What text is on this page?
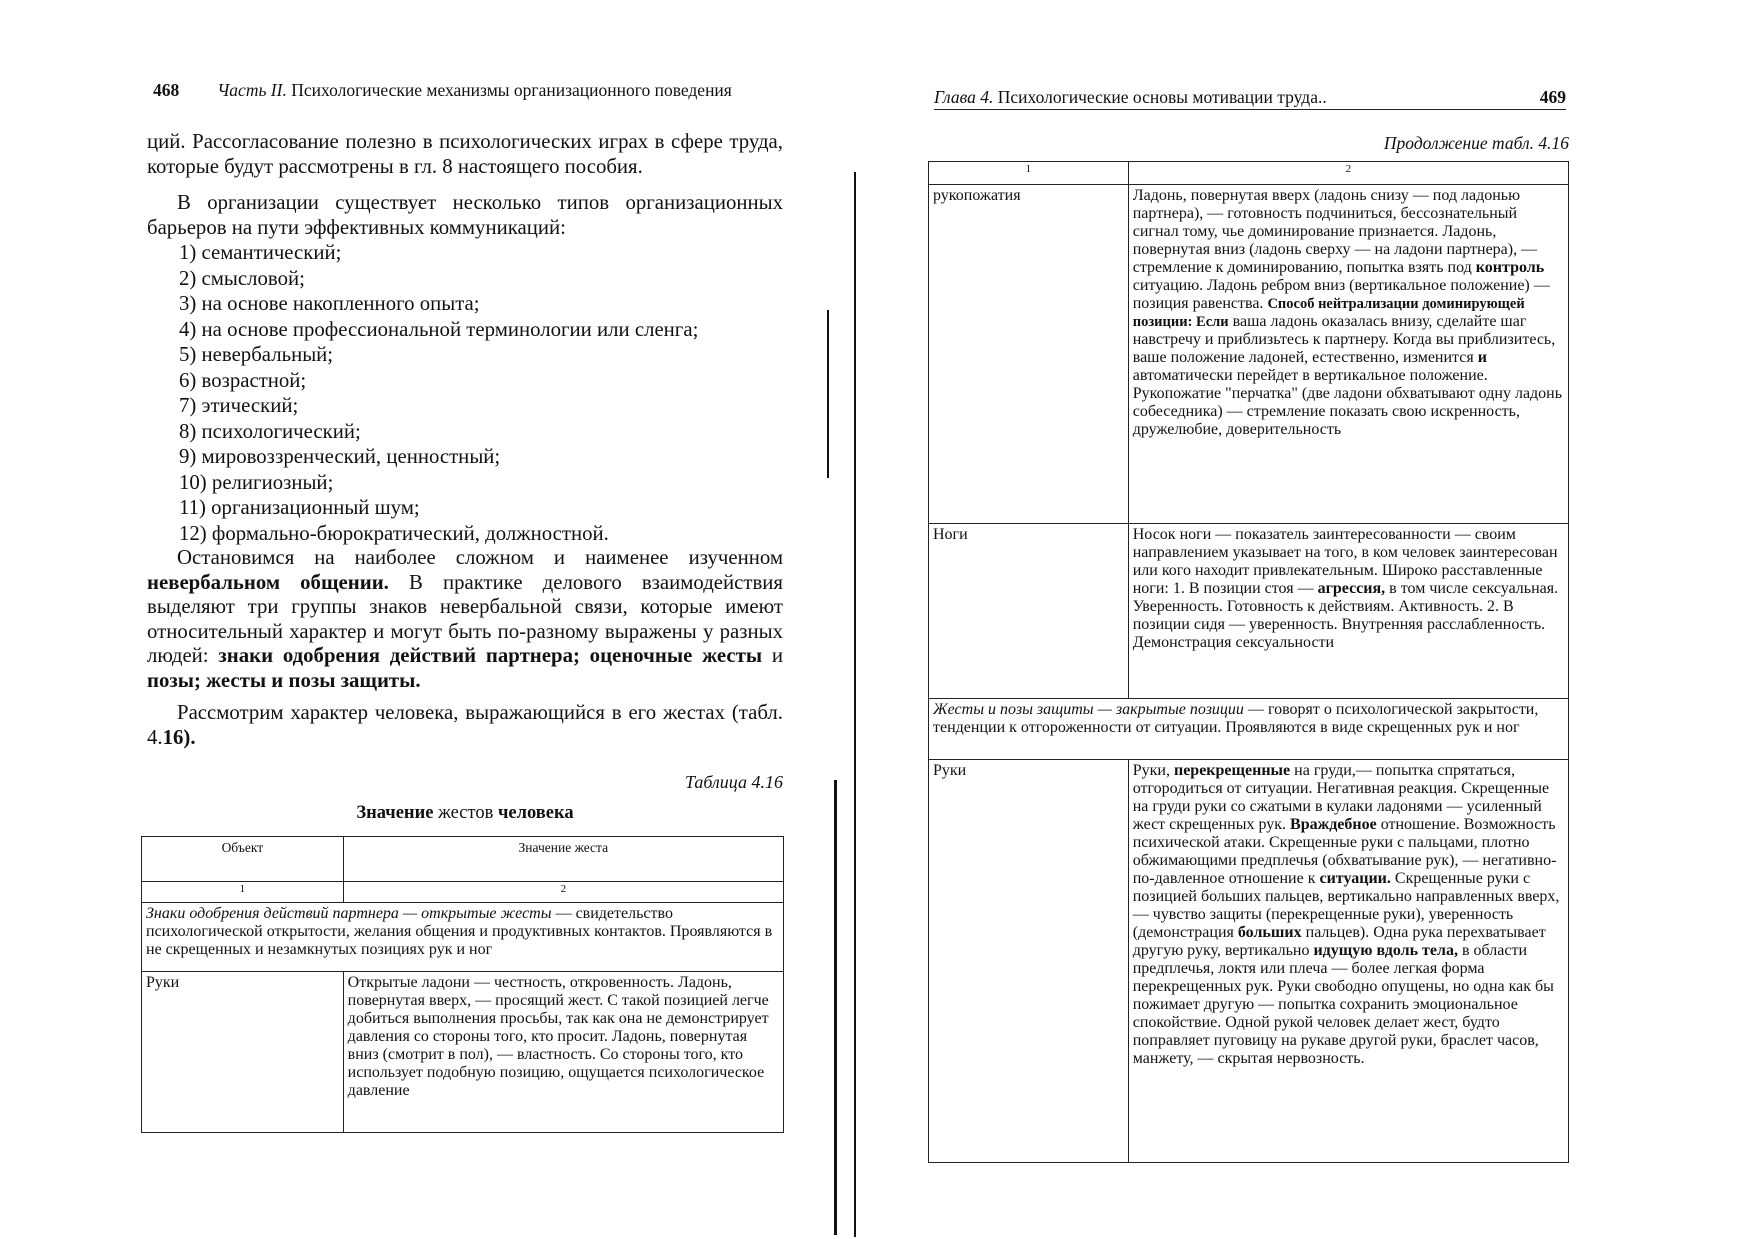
468 Часть II. Психологические механизмы организационного поведения

ций. Рассогласование полезно в психологических играх в сфере труда, которые будут рассмотрены в гл. 8 настоящего пособия.

В организации существует несколько типов организационных барьеров на пути эффективных коммуникаций:

1) семантический;
2) смысловой;
3) на основе накопленного опыта;
4) на основе профессиональной терминологии или сленга;
5) невербальный;
6) возрастной;
7) этический;
8) психологический;
9) мировоззренческий, ценностный;
10) религиозный;
11) организационный шум;
12) формально-бюрократический, должностной.

Остановимся на наиболее сложном и наименее изученном невербальном общении. В практике делового взаимодействия выделяют три группы знаков невербальной связи, которые имеют относительный характер и могут быть по-разному выражены у разных людей: знаки одобрения действий партнера; оценочные жесты и позы; жесты и позы защиты.

Рассмотрим характер человека, выражающийся в его жестах (табл. 4.16).

Таблица 4.16
Значение жестов человека
Объект	Значение жеста
1	2
Знаки одобрения действий партнера — открытые жесты — свидетельство психологической открытости, желания общения и продуктивных контактов. Проявляются в не скрещенных и незамкнутых позициях рук и ног	
Руки	Открытые ладони — честность, откровенность. Ладонь, повернутая вверх, — просящий жест. С такой позицией легче добиться выполнения просьбы, так как она не демонстрирует давления со стороны того, кто просит. Ладонь, повернутая вниз (смотрит в пол), — властность. Со стороны того, кто использует подобную позицию, ощущается психологическое давление
Глава 4. Психологические основы мотивации труда..	469
Продолжение табл. 4.16
1	2
рукопожатия	Ладонь, повернутая вверх (ладонь снизу — под ладонью партнера), — готовность подчиниться, бессознательный сигнал тому, чье доминирование признается. Ладонь, повернутая вниз (ладонь сверху — на ладони партнера), — стремление к доминированию, попытка взять под контроль ситуацию. Ладонь ребром вниз (вертикальное положение) — позиция равенства. Способ нейтрализации доминирующей позиции: Если ваша ладонь оказалась внизу, сделайте шаг навстречу и приблизьтесь к партнеру. Когда вы приблизитесь, ваше положение ладоней, естественно, изменится и автоматически перейдет в вертикальное положение. Рукопожатие "перчатка" (две ладони обхватывают одну ладонь собеседника) — стремление показать свою искренность, дружелюбие, доверительность
Ноги	Носок ноги — показатель заинтересованности — своим направлением указывает на того, в ком человек заинтересован или кого находит привлекательным. Широко расставленные ноги: 1. В позиции стоя — агрессия, в том числе сексуальная. Уверенность. Готовность к действиям. Активность. 2. В позиции сидя — уверенность. Внутренняя расслабленность. Демонстрация сексуальности
Жесты и позы защиты — закрытые позиции — говорят о психологической закрытости, тенденции к отгороженности от ситуации. Проявляются в виде скрещенных рук и ног	
Руки	Руки, перекрещенные на груди,— попытка спрятаться, отгородиться от ситуации. Негативная реакция. Скрещенные на груди руки со сжатыми в кулаки ладонями — усиленный жест скрещенных рук. Враждебное отношение. Возможность психической атаки. Скрещенные руки с пальцами, плотно обжимающими предплечья (обхватывание рук), — негативно-по-давленное отношение к ситуации. Скрещенные руки с позицией больших пальцев, вертикально направленных вверх, — чувство защиты (перекрещенные руки), уверенность (демонстрация больших пальцев). Одна рука перехватывает другую руку, вертикально идущую вдоль тела, в области предплечья, локтя или плеча — более легкая форма перекрещенных рук. Руки свободно опущены, но одна как бы пожимает другую — попытка сохранить эмоциональное спокойствие. Одной рукой человек делает жест, будто поправляет пуговицу на рукаве другой руки, браслет часов, манжету, — скрытая нервозность.
